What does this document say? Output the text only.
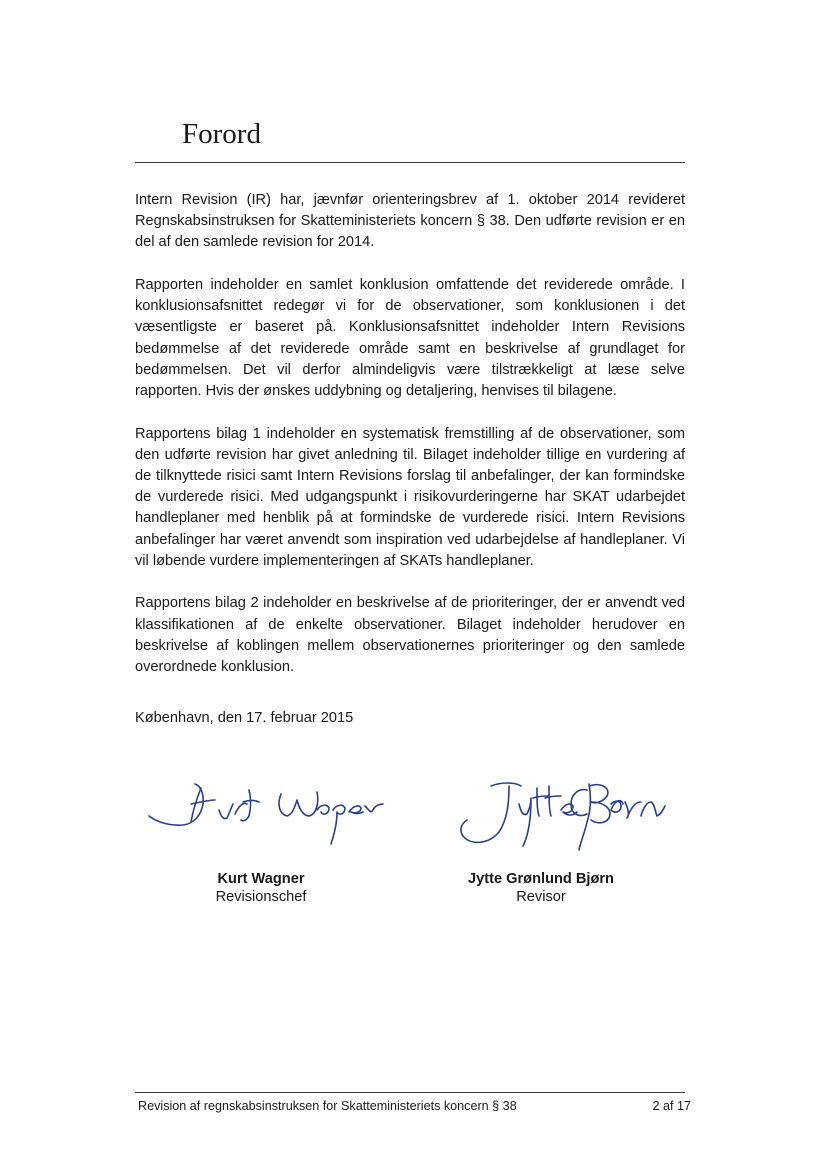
Forord

Intern Revision (IR) har, jævnfør orienteringsbrev af 1. oktober 2014 revideret Regnskabsinstruksen for Skatteministeriets koncern § 38. Den udførte revision er en del af den samlede revision for 2014.

Rapporten indeholder en samlet konklusion omfattende det reviderede område. I konklusionsafsnittet redegør vi for de observationer, som konklusionen i det væsentligste er baseret på. Konklusionsafsnittet indeholder Intern Revisions bedømmelse af det reviderede område samt en beskrivelse af grundlaget for bedømmelsen. Det vil derfor almindeligvis være tilstrækkeligt at læse selve rapporten. Hvis der ønskes uddybning og detaljering, henvises til bilagene.

Rapportens bilag 1 indeholder en systematisk fremstilling af de observationer, som den udførte revision har givet anledning til. Bilaget indeholder tillige en vurdering af de tilknyttede risici samt Intern Revisions forslag til anbefalinger, der kan formindske de vurderede risici. Med udgangspunkt i risikovurderingerne har SKAT udarbejdet handleplaner med henblik på at formindske de vurderede risici. Intern Revisions anbefalinger har været anvendt som inspiration ved udarbejdelse af handleplaner. Vi vil løbende vurdere implementeringen af SKATs handleplaner.

Rapportens bilag 2 indeholder en beskrivelse af de prioriteringer, der er anvendt ved klassifikationen af de enkelte observationer. Bilaget indeholder herudover en beskrivelse af koblingen mellem observationernes prioriteringer og den samlede overordnede konklusion.

København, den 17. februar 2015
Kurt Wagner
Revisionschef
Jytte Grønlund Bjørn
Revisor
Revision af regnskabsinstruksen for Skatteministeriets koncern § 38	2 af 17
